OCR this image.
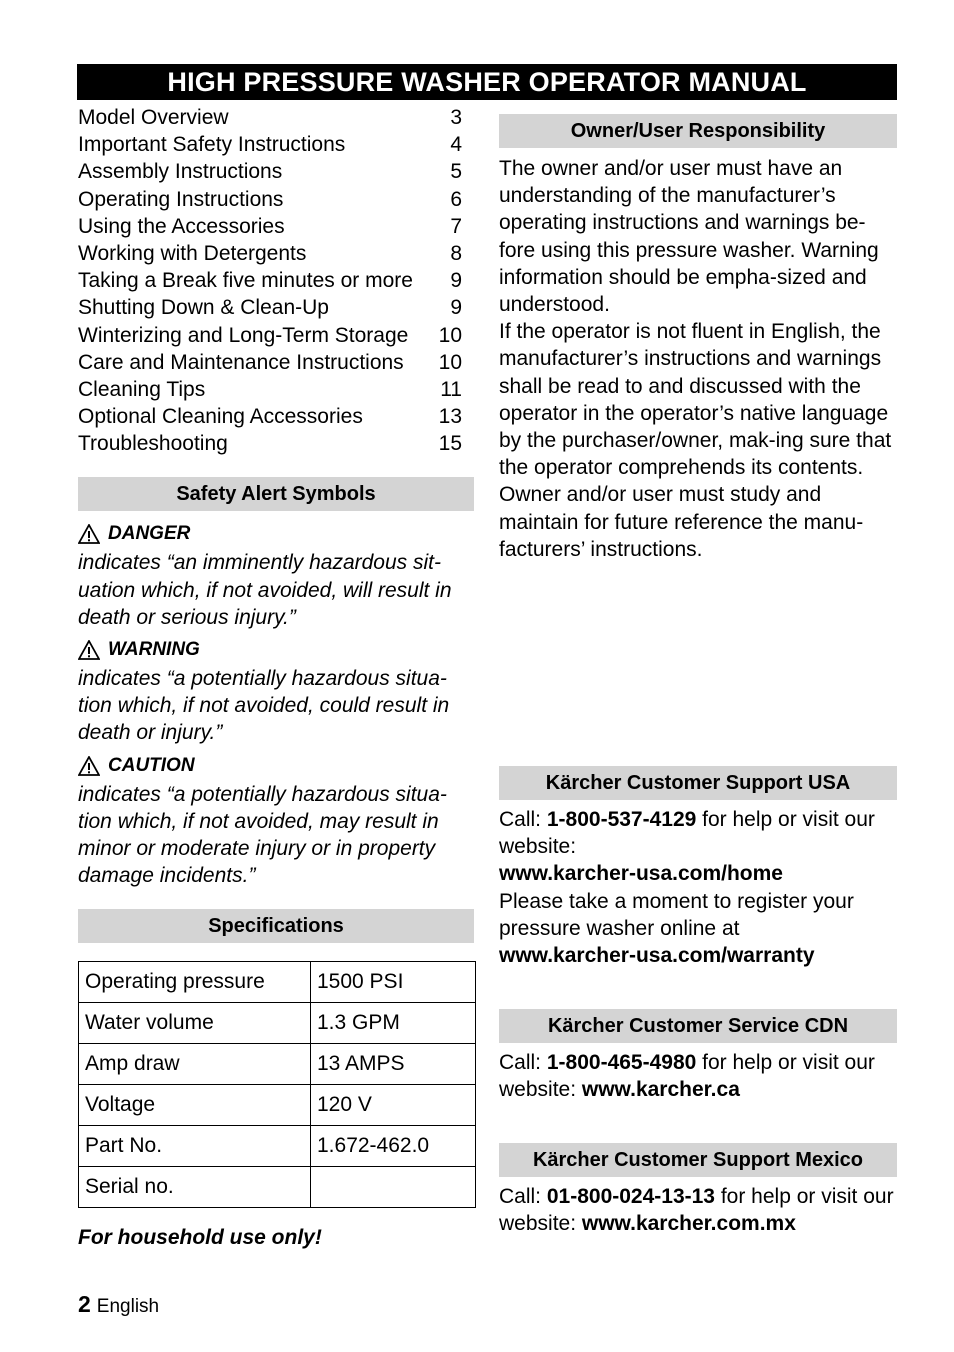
HIGH PRESSURE WASHER OPERATOR MANUAL
Model Overview	3
Important Safety Instructions	4
Assembly Instructions	5
Operating Instructions	6
Using the Accessories	7
Working with Detergents	8
Taking a Break five minutes or more 9
Shutting Down & Clean-Up	9
Winterizing and Long-Term Storage 10
Care and Maintenance Instructions 10
Cleaning Tips	11
Optional Cleaning Accessories	13
Troubleshooting	15
Safety Alert Symbols
DANGER

indicates “an imminently hazardous sit-uation which, if not avoided, will result in death or serious injury.”

WARNING

indicates “a potentially hazardous situa-tion which, if not avoided, could result in death or injury.”

CAUTION

indicates “a potentially hazardous situa-tion which, if not avoided, may result in minor or moderate injury or in property damage incidents.”

Specifications
Operating pressure	1500 PSI
Water volume	1.3 GPM
Amp draw	13 AMPS
Voltage	120 V
Part No.	1.672-462.0
Serial no.	
For household use only!
Owner/User Responsibility

The owner and/or user must have an understanding of the manufacturer’s operating instructions and warnings be-fore using this pressure washer. Warning information should be empha-sized and understood.

If the operator is not fluent in English, the manufacturer’s instructions and warnings shall be read to and discussed with the operator in the operator’s native language by the purchaser/owner, mak-ing sure that the operator comprehends its contents.

Owner and/or user must study and maintain for future reference the manu-facturers’ instructions.

Kärcher Customer Support USA

Call: 1-800-537-4129 for help or visit our website:

www.karcher-usa.com/home

Please take a moment to register your pressure washer online at

www.karcher-usa.com/warranty

Kärcher Customer Service CDN

Call: 1-800-465-4980 for help or visit our website: www.karcher.ca

Kärcher Customer Support Mexico

Call: 01-800-024-13-13 for help or visit our website: www.karcher.com.mx

2 English
